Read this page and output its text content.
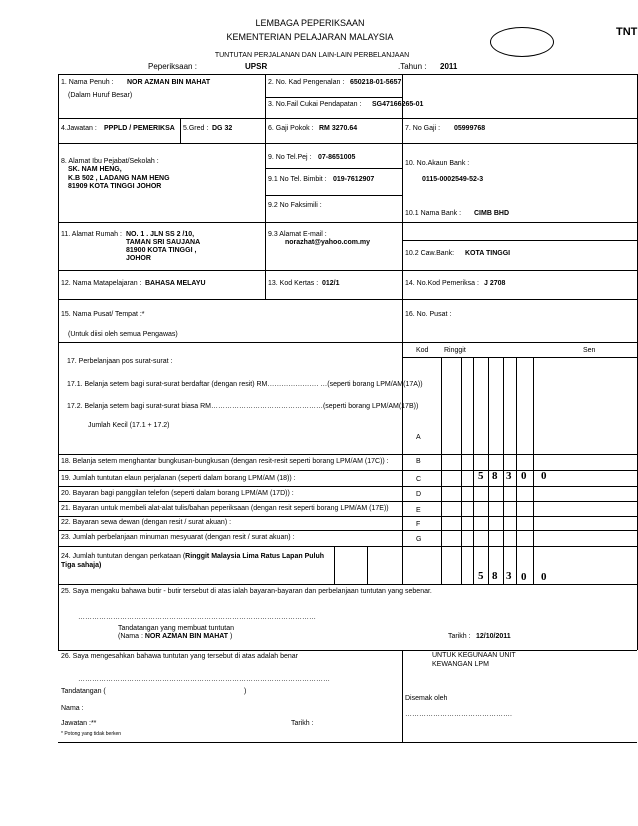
LEMBAGA PEPERIKSAAN
KEMENTERIAN PELAJARAN MALAYSIA	TNT
TUNTUTAN PERJALANAN DAN LAIN-LAIN PERBELANJAAN
Peperiksaan :	UPSR	.Tahun : 2011
1. Nama Penuh : NOR AZMAN BIN MAHAT
(Dalam Huruf Besar)
2. No. Kad Pengenalan : 650218-01-5657
3. No.Fail Cukai Pendapatan : SG47166265-01
4.Jawatan : PPPLD / PEMERIKSA 5.Gred : DG 32	6. Gaji Pokok : RM 3270.64	7. No Gaji : 05999768
8. Alamat Ibu Pejabat/Sekolah :
SK. NAM HENG,
K.B 502 , LADANG NAM HENG
81909 KOTA TINGGI JOHOR
9. No Tel.Pej : 07-8651005
9.1 No Tel. Bimbit : 019-7612907
9.2 No Faksimili :
10. No.Akaun Bank :
0115-0002549-52-3
10.1 Nama Bank : CIMB BHD
11. Alamat Rumah : NO. 1 . JLN SS 2 /10,
TAMAN SRI SAUJANA
81900 KOTA TINGGI ,
JOHOR
9.3 Alamat E-mail :
norazhat@yahoo.com.my
10.2 Caw.Bank: KOTA TINGGI
12. Nama Matapelajaran : BAHASA MELAYU	13. Kod Kertas : 012/1	14. No.Kod Pemeriksa : J 2708
15. Nama Pusat/ Tempat :*
(Untuk diisi oleh semua Pengawas)
16. No. Pusat :
Kod Ringgit	Sen
17. Perbelanjaan pos surat-surat :
17.1. Belanja setem bagi surat-surat berdaftar (dengan resit) RM…………………. …(seperti borang LPM/AM(17A))
17.2. Belanja setem bagi surat-surat biasa RM…………………………………………(seperti borang LPM/AM(17B))
Jumlah Kecil (17.1 + 17.2)
A
18. Belanja setem menghantar bungkusan-bungkusan (dengan resit-resit seperti borang LPM/AM (17C)) :	B
19. Jumlah tuntutan elaun perjalanan (seperti dalam borang LPM/AM (18)) :	C	5 8 3 0 0
20. Bayaran bagi panggilan telefon (seperti dalam borang LPM/AM (17D)) :	D
21. Bayaran untuk membeli alat-alat tulis/bahan peperiksaan (dengan resit seperti borang LPM/AM (17E))	E
22. Bayaran sewa dewan (dengan resit / surat akuan) :	F
23. Jumlah perbelanjaan minuman mesyuarat (dengan resit / surat akuan) :	G
24. Jumlah tuntutan dengan perkataan (Ringgit Malaysia Lima Ratus Lapan Puluh
Tiga sahaja)
5 8 3 0 0
25. Saya mengaku bahawa butir - butir tersebut di atas ialah bayaran-bayaran dan perbelanjaan tuntutan yang sebenar.
…………………………………………………………………………………………
Tandatangan yang membuat tuntutan
(Nama : NOR AZMAN BIN MAHAT )	Tarikh : 12/10/2011
26. Saya mengesahkan bahawa tuntutan yang tersebut di atas adalah benar	UNTUK KEGUNAAN UNIT
KEWANGAN LPM
………………………………………………………………………………………………
Tandatangan (	)
Disemak oleh
Nama :
……………………………………….
Jawatan :**	Tarikh :
* Potong yang tidak berken
